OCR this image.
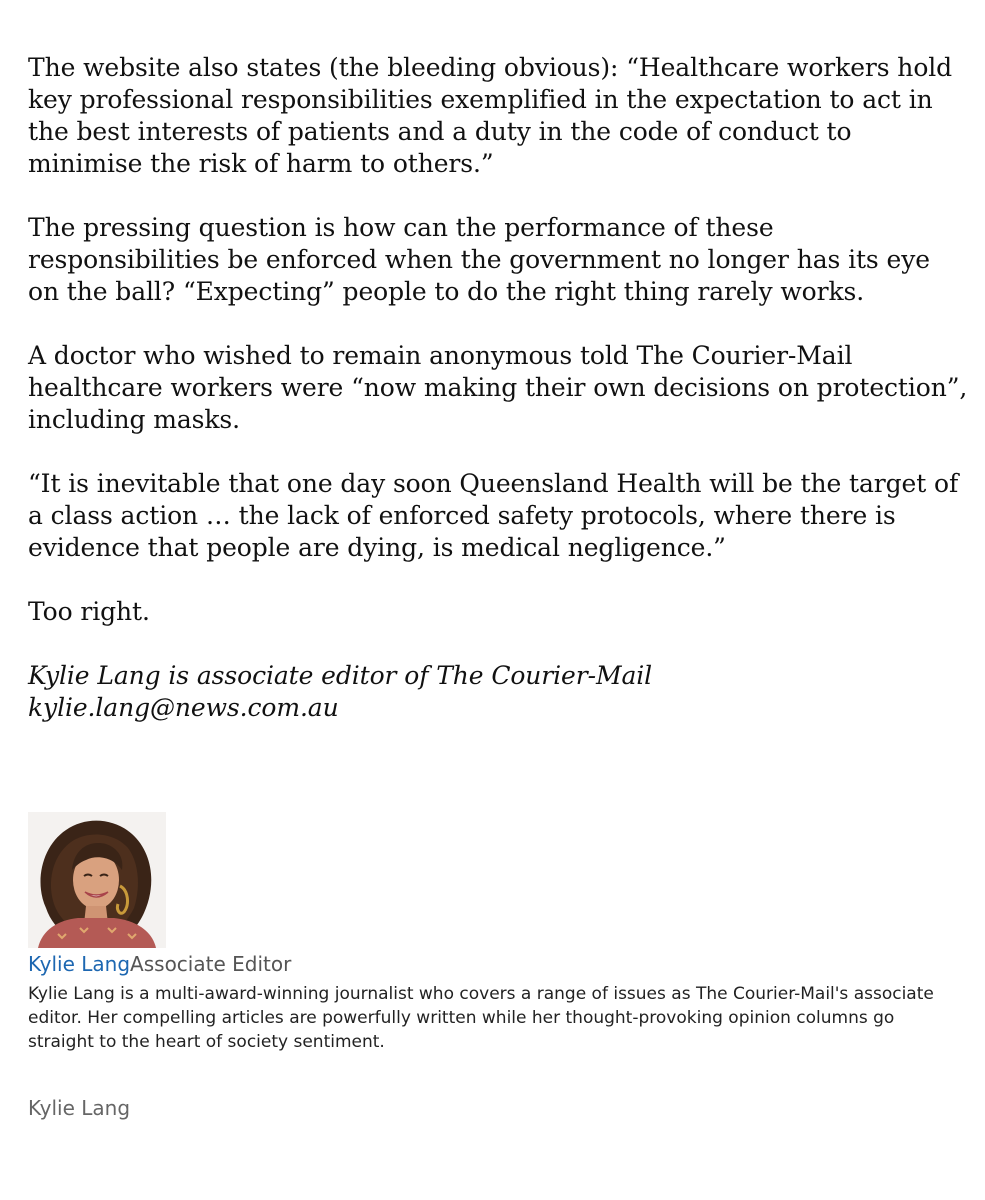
The website also states (the bleeding obvious): “Healthcare workers hold key professional responsibilities exemplified in the expectation to act in the best interests of patients and a duty in the code of conduct to minimise the risk of harm to others.”

The pressing question is how can the performance of these responsibilities be enforced when the government no longer has its eye on the ball? “Expecting” people to do the right thing rarely works.

A doctor who wished to remain anonymous told The Courier-Mail healthcare workers were “now making their own decisions on protection”, including masks.

“It is inevitable that one day soon Queensland Health will be the target of a class action … the lack of enforced safety protocols, where there is evidence that people are dying, is medical negligence.”

Too right.

Kylie Lang is associate editor of The Courier-Mail
kylie.lang@news.com.au

Kylie LangAssociate Editor
Kylie Lang is a multi-award-winning journalist who covers a range of issues as The Courier-Mail's associate editor. Her compelling articles are powerfully written while her thought-provoking opinion columns go straight to the heart of society sentiment.
Kylie Lang
